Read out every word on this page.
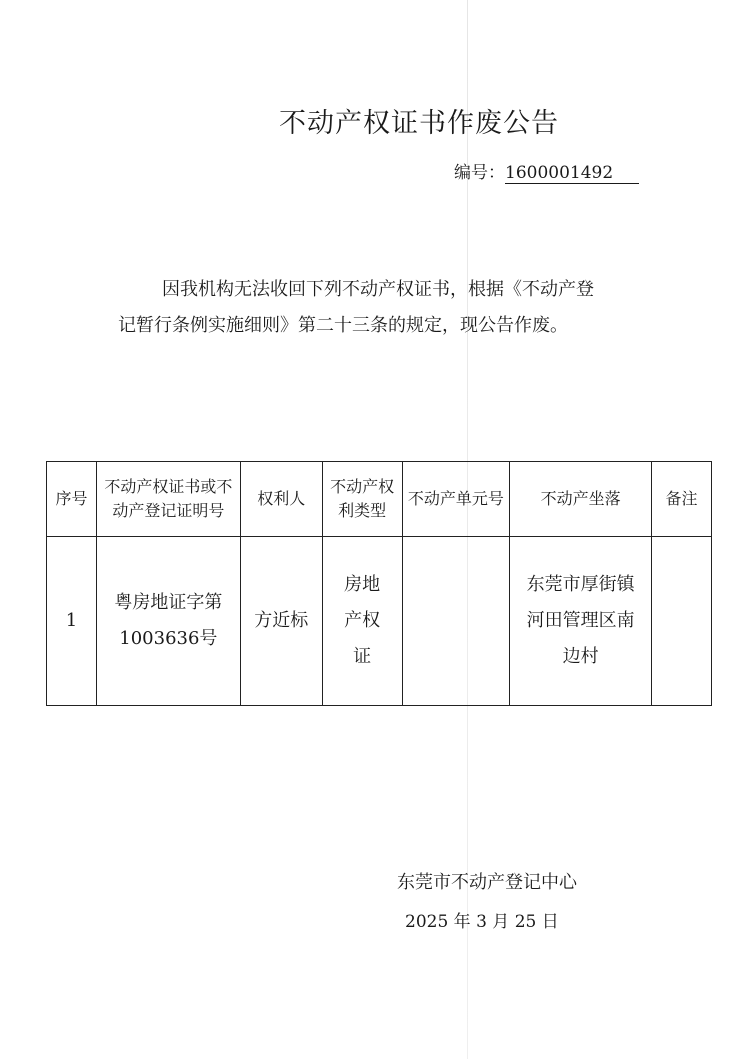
不动产权证书作废公告
编号：1600001492
因我机构无法收回下列不动产权证书，根据《不动产登
记暂行条例实施细则》第二十三条的规定，现公告作废。
序号	不动产权证书或不动产登记证明号	权利人	不动产权利类型	不动产单元号	不动产坐落	备注
1	粤房地证字第1003636号	方近标	房地产权证		东莞市厚街镇河田管理区南边村	
东莞市不动产登记中心
2025 年 3 月 25 日
